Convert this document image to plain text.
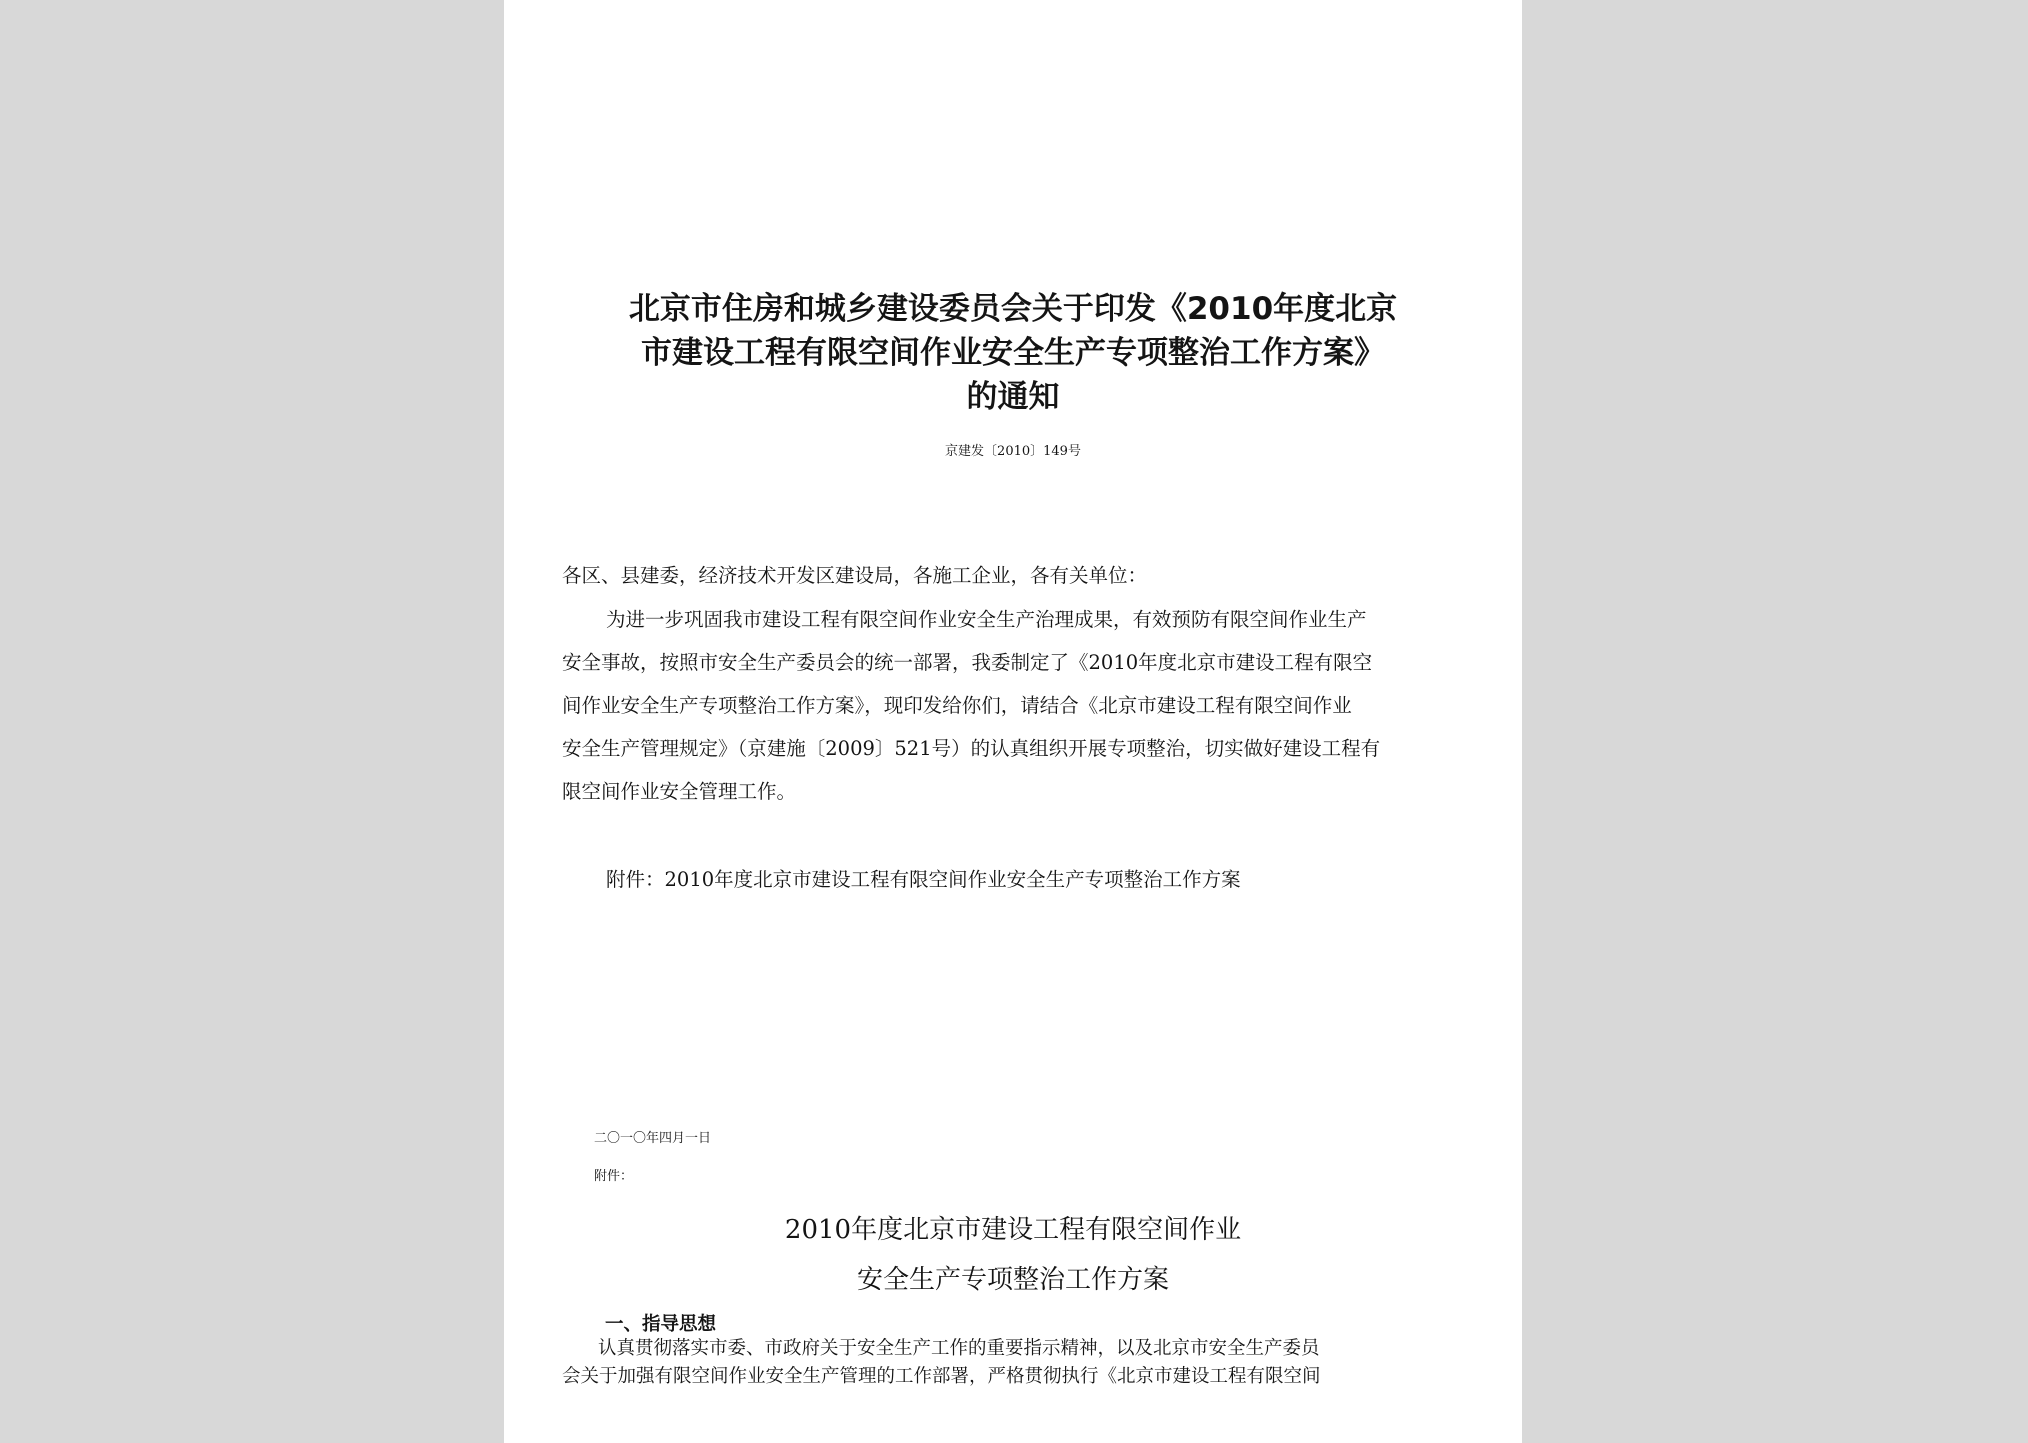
北京市住房和城乡建设委员会关于印发《2010年度北京
市建设工程有限空间作业安全生产专项整治工作方案》
的通知
京建发〔2010〕149号
各区、县建委，经济技术开发区建设局，各施工企业，各有关单位：
为进一步巩固我市建设工程有限空间作业安全生产治理成果，有效预防有限空间作业生产
安全事故，按照市安全生产委员会的统一部署，我委制定了《2010年度北京市建设工程有限空
间作业安全生产专项整治工作方案》，现印发给你们，请结合《北京市建设工程有限空间作业
安全生产管理规定》（京建施〔2009〕521号）的认真组织开展专项整治，切实做好建设工程有
限空间作业安全管理工作。
附件：2010年度北京市建设工程有限空间作业安全生产专项整治工作方案
二〇一〇年四月一日
附件：
2010年度北京市建设工程有限空间作业
安全生产专项整治工作方案
一、指导思想
认真贯彻落实市委、市政府关于安全生产工作的重要指示精神，以及北京市安全生产委员
会关于加强有限空间作业安全生产管理的工作部署，严格贯彻执行《北京市建设工程有限空间
